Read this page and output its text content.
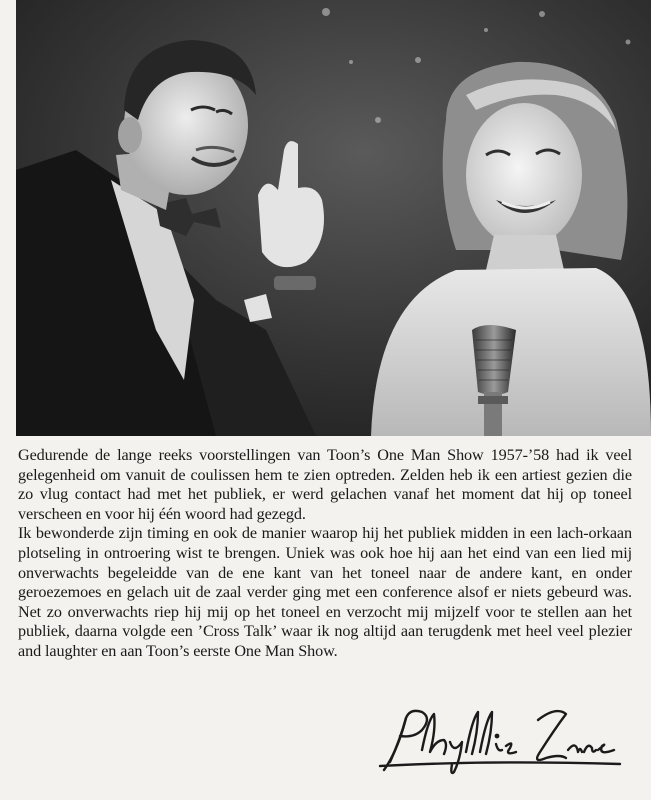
Gedurende de lange reeks voorstellingen van Toon’s One Man Show 1957-’58 had ik veel gelegenheid om vanuit de coulissen hem te zien optreden. Zelden heb ik een artiest gezien die zo vlug contact had met het publiek, er werd gelachen vanaf het moment dat hij op toneel verscheen en voor hij één woord had gezegd.

Ik bewonderde zijn timing en ook de manier waarop hij het publiek midden in een lach-orkaan plotseling in ontroering wist te brengen. Uniek was ook hoe hij aan het eind van een lied mij onverwachts begeleidde van de ene kant van het toneel naar de andere kant, en onder geroezemoes en gelach uit de zaal verder ging met een conference alsof er niets gebeurd was. Net zo onverwachts riep hij mij op het toneel en verzocht mij mijzelf voor te stellen aan het publiek, daarna volgde een ’Cross Talk’ waar ik nog altijd aan terugdenk met heel veel plezier and laughter en aan Toon’s eerste One Man Show.
